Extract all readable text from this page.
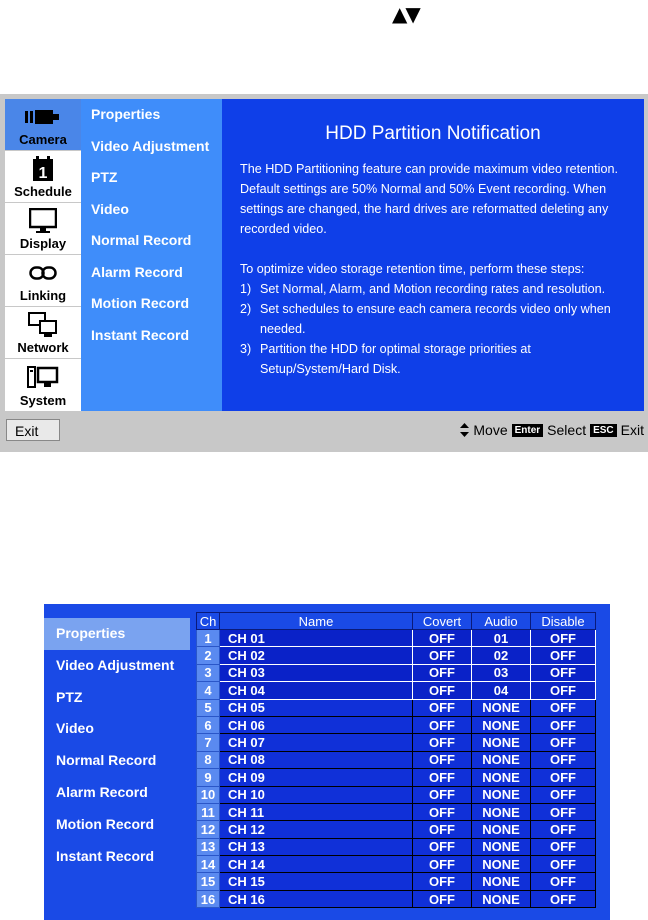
▲▼
Camera
1
Schedule
Display
Linking
Network
System
Properties
Video Adjustment
PTZ
Video
Normal Record
Alarm Record
Motion Record
Instant Record
HDD Partition Notification

The HDD Partitioning feature can provide maximum video retention. Default settings are 50% Normal and 50% Event recording. When settings are changed, the hard drives are reformatted deleting any recorded video.

To optimize video storage retention time, perform these steps:
1) Set Normal, Alarm, and Motion recording rates and resolution.
2) Set schedules to ensure each camera records video only when needed.
3) Partition the HDD for optimal storage priorities at Setup/System/Hard Disk.
Exit	Move Enter Select ESC Exit
Properties
Video Adjustment
PTZ
Video
Normal Record
Alarm Record
Motion Record
Instant Record
Ch	Name	Covert	Audio	Disable
1	CH 01	OFF	01	OFF
2	CH 02	OFF	02	OFF
3	CH 03	OFF	03	OFF
4	CH 04	OFF	04	OFF
5	CH 05	OFF	NONE	OFF
6	CH 06	OFF	NONE	OFF
7	CH 07	OFF	NONE	OFF
8	CH 08	OFF	NONE	OFF
9	CH 09	OFF	NONE	OFF
10	CH 10	OFF	NONE	OFF
11	CH 11	OFF	NONE	OFF
12	CH 12	OFF	NONE	OFF
13	CH 13	OFF	NONE	OFF
14	CH 14	OFF	NONE	OFF
15	CH 15	OFF	NONE	OFF
16	CH 16	OFF	NONE	OFF
